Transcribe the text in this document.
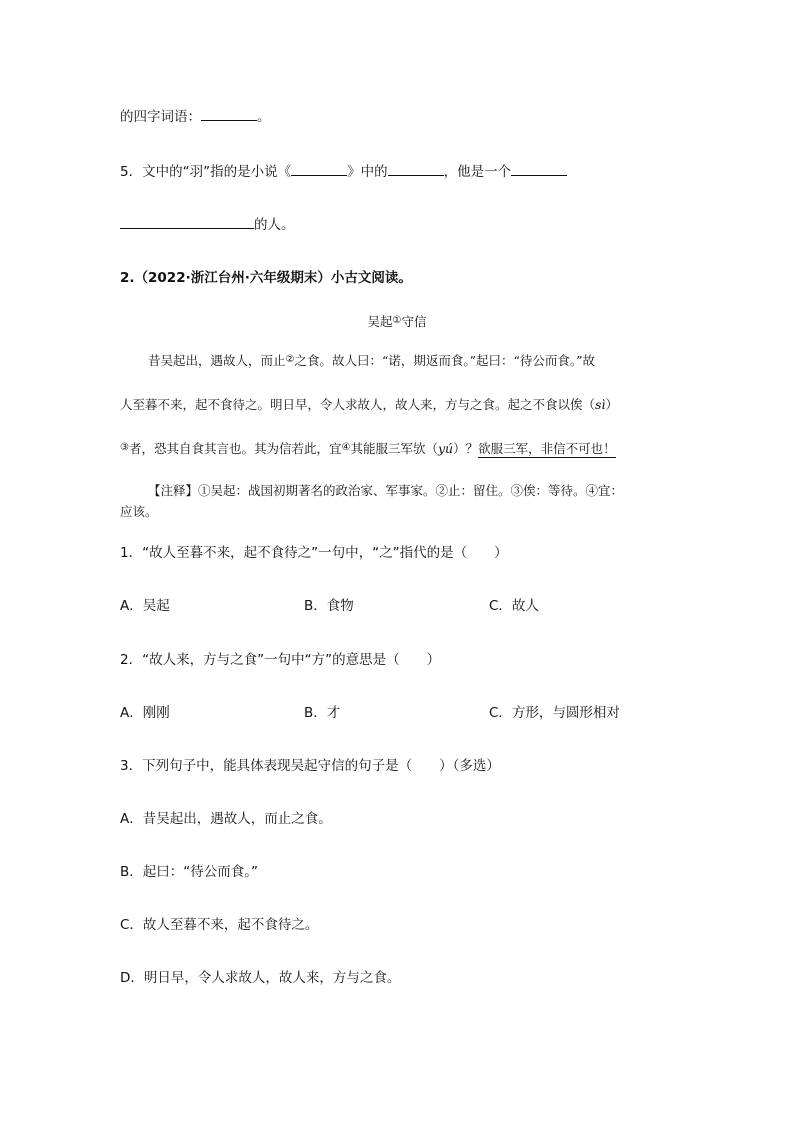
的四字词语：	。
5．文中的“羽”指的是小说《	》中的	，他是一个
的人。
2.（2022·浙江台州·六年级期末）小古文阅读。
吴起①守信
昔吴起出，遇故人，而止②之食。故人曰：“诺，期返而食。”起曰：“待公而食。”故
人至暮不来，起不食待之。明日早，令人求故人，故人来，方与之食。起之不食以俟（sì）
③者，恐其自食其言也。其为信若此，宜④其能服三军欤（yú）？欲服三军，非信不可也！
【注释】①吴起：战国初期著名的政治家、军事家。②止：留住。③俟：等待。④宜：
应该。
1．“故人至暮不来，起不食待之”一句中，“之”指代的是（　　）
A．吴起	B．食物	C．故人
2．“故人来，方与之食”一句中“方”的意思是（　　）
A．刚刚	B．才	C．方形，与圆形相对
3．下列句子中，能具体表现吴起守信的句子是（　　）（多选）
A．昔吴起出，遇故人，而止之食。
B．起曰：“待公而食。”
C．故人至暮不来，起不食待之。
D．明日早，令人求故人，故人来，方与之食。
